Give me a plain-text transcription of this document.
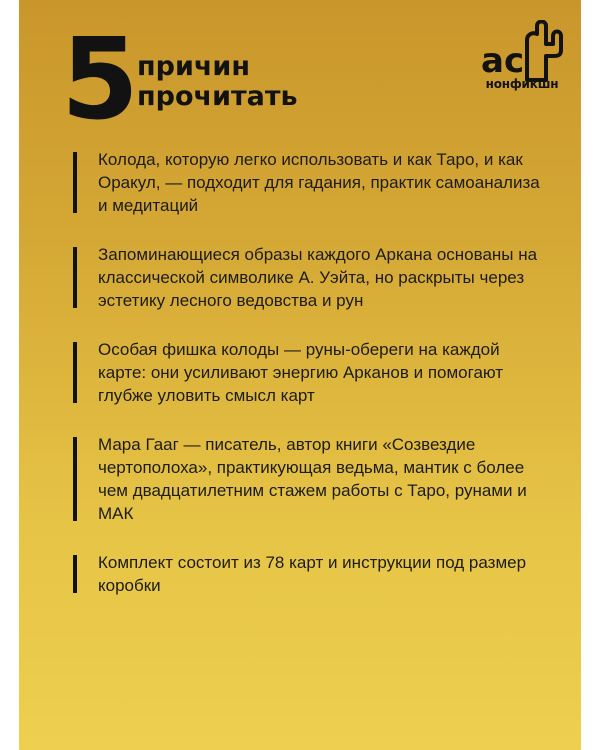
5 причин
прочитать
ас
нонфикшн
Колода, которую легко использовать и как Таро, и как Оракул, — подходит для гадания, практик самоанализа и медитаций
Запоминающиеся образы каждого Аркана основаны на классической символике А. Уэйта, но раскрыты через эстетику лесного ведовства и рун
Особая фишка колоды — руны-обереги на каждой карте: они усиливают энергию Арканов и помогают глубже уловить смысл карт
Мара Гааг — писатель, автор книги «Созвездие чертополоха», практикующая ведьма, мантик с более чем двадцатилетним стажем работы с Таро, рунами и МАК
Комплект состоит из 78 карт и инструкции под размер коробки
